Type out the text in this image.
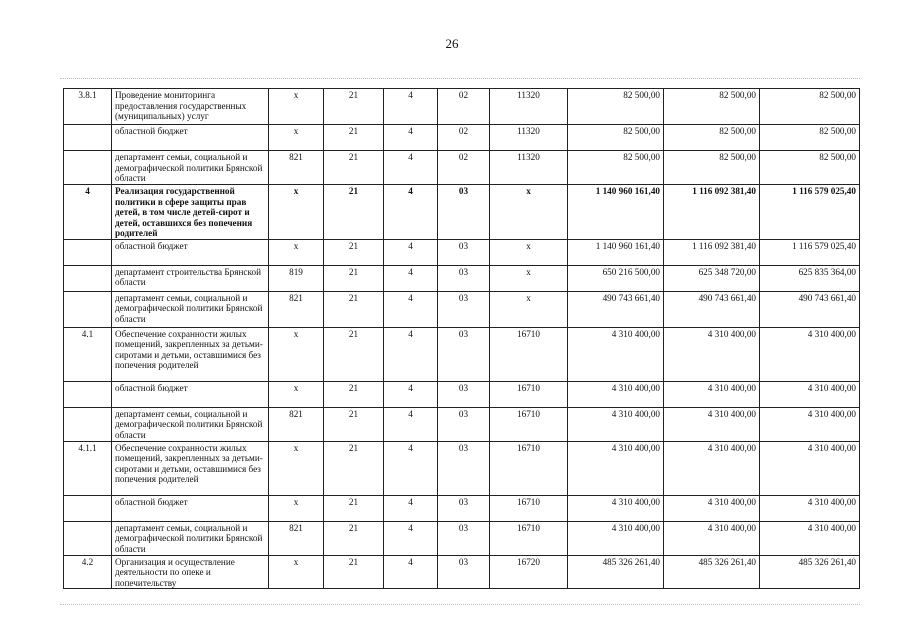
26
3.8.1	Проведение мониторинга предоставления государственных (муниципальных) услуг	х	21	4	02	11320	82 500,00	82 500,00	82 500,00
	областной бюджет	х	21	4	02	11320	82 500,00	82 500,00	82 500,00
	департамент семьи, социальной и демографической политики Брянской области	821	21	4	02	11320	82 500,00	82 500,00	82 500,00
4	Реализация государственной политики в сфере защиты прав детей, в том числе детей-сирот и детей, оставшихся без попечения родителей	х	21	4	03	х	1 140 960 161,40	1 116 092 381,40	1 116 579 025,40
	областной бюджет	х	21	4	03	х	1 140 960 161,40	1 116 092 381,40	1 116 579 025,40
	департамент строительства Брянской области	819	21	4	03	х	650 216 500,00	625 348 720,00	625 835 364,00
	департамент семьи, социальной и демографической политики Брянской области	821	21	4	03	х	490 743 661,40	490 743 661,40	490 743 661,40
4.1	Обеспечение сохранности жилых помещений, закрепленных за детьми-сиротами и детьми, оставшимися без попечения родителей	х	21	4	03	16710	4 310 400,00	4 310 400,00	4 310 400,00
	областной бюджет	х	21	4	03	16710	4 310 400,00	4 310 400,00	4 310 400,00
	департамент семьи, социальной и демографической политики Брянской области	821	21	4	03	16710	4 310 400,00	4 310 400,00	4 310 400,00
4.1.1	Обеспечение сохранности жилых помещений, закрепленных за детьми-сиротами и детьми, оставшимися без попечения родителей	х	21	4	03	16710	4 310 400,00	4 310 400,00	4 310 400,00
	областной бюджет	х	21	4	03	16710	4 310 400,00	4 310 400,00	4 310 400,00
	департамент семьи, социальной и демографической политики Брянской области	821	21	4	03	16710	4 310 400,00	4 310 400,00	4 310 400,00
4.2	Организация и осуществление деятельности по опеке и попечительству	х	21	4	03	16720	485 326 261,40	485 326 261,40	485 326 261,40
